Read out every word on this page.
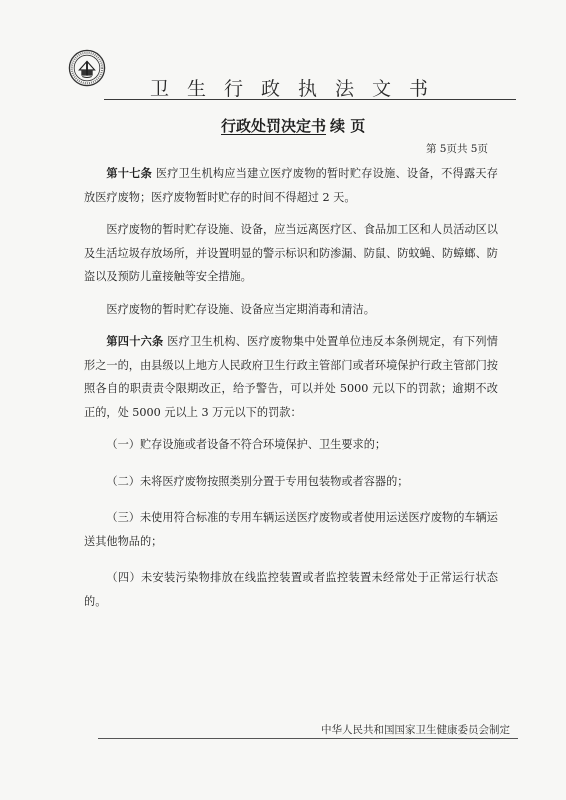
卫生行政执法文书
行政处罚决定书 续 页
第 5页共 5页

第十七条 医疗卫生机构应当建立医疗废物的暂时贮存设施、设备，不得露天存放医疗废物；医疗废物暂时贮存的时间不得超过 2 天。

医疗废物的暂时贮存设施、设备，应当远离医疗区、食品加工区和人员活动区以及生活垃圾存放场所，并设置明显的警示标识和防渗漏、防鼠、防蚊蝇、防蟑螂、防盗以及预防儿童接触等安全措施。

医疗废物的暂时贮存设施、设备应当定期消毒和清洁。

第四十六条 医疗卫生机构、医疗废物集中处置单位违反本条例规定，有下列情形之一的，由县级以上地方人民政府卫生行政主管部门或者环境保护行政主管部门按照各自的职责责令限期改正，给予警告，可以并处 5000 元以下的罚款；逾期不改正的，处 5000 元以上 3 万元以下的罚款：

（一）贮存设施或者设备不符合环境保护、卫生要求的；

（二）未将医疗废物按照类别分置于专用包装物或者容器的；

（三）未使用符合标准的专用车辆运送医疗废物或者使用运送医疗废物的车辆运送其他物品的；

（四）未安装污染物排放在线监控装置或者监控装置未经常处于正常运行状态的。

中华人民共和国国家卫生健康委员会制定
